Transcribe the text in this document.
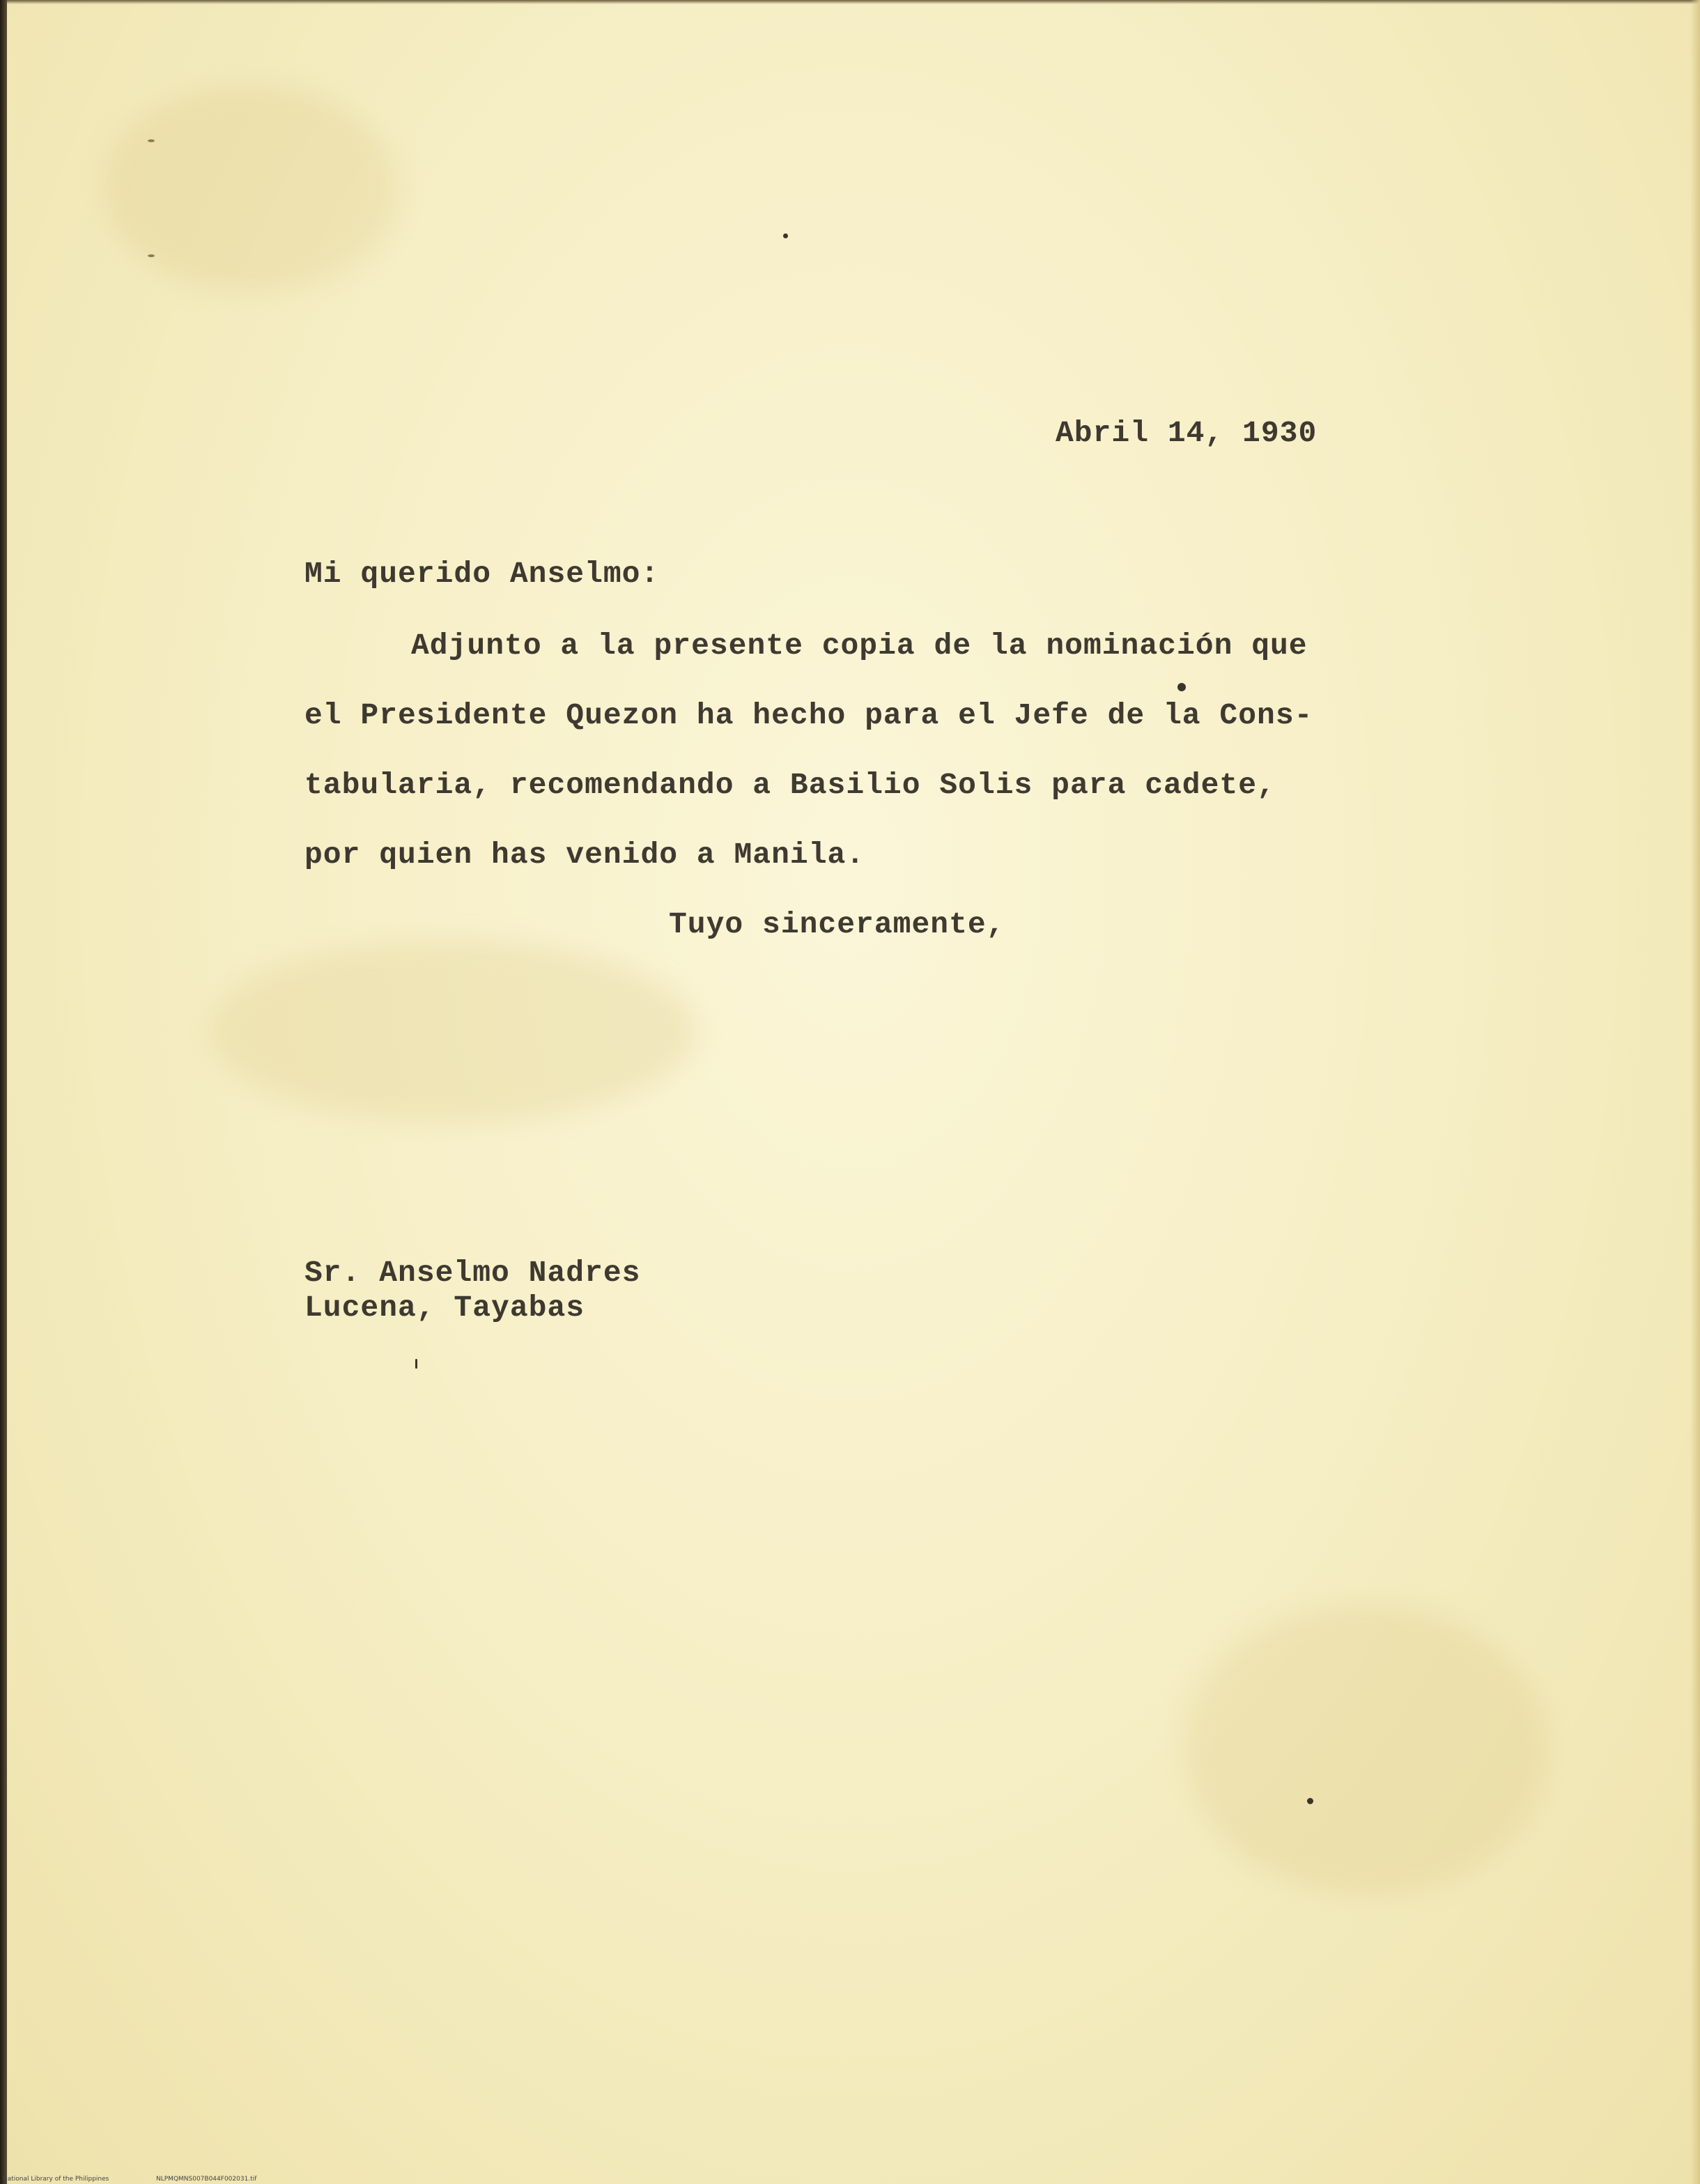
Abril 14, 1930
Mi querido Anselmo:
Adjunto a la presente copia de la nominación que
el Presidente Quezon ha hecho para el Jefe de la Cons-
tabularia, recomendando a Basilio Solis para cadete,
por quien has venido a Manila.
Tuyo sinceramente,
Sr. Anselmo Nadres
Lucena, Tayabas
National Library of the Philippines	NLPMQMNS007B044F002031.tif
